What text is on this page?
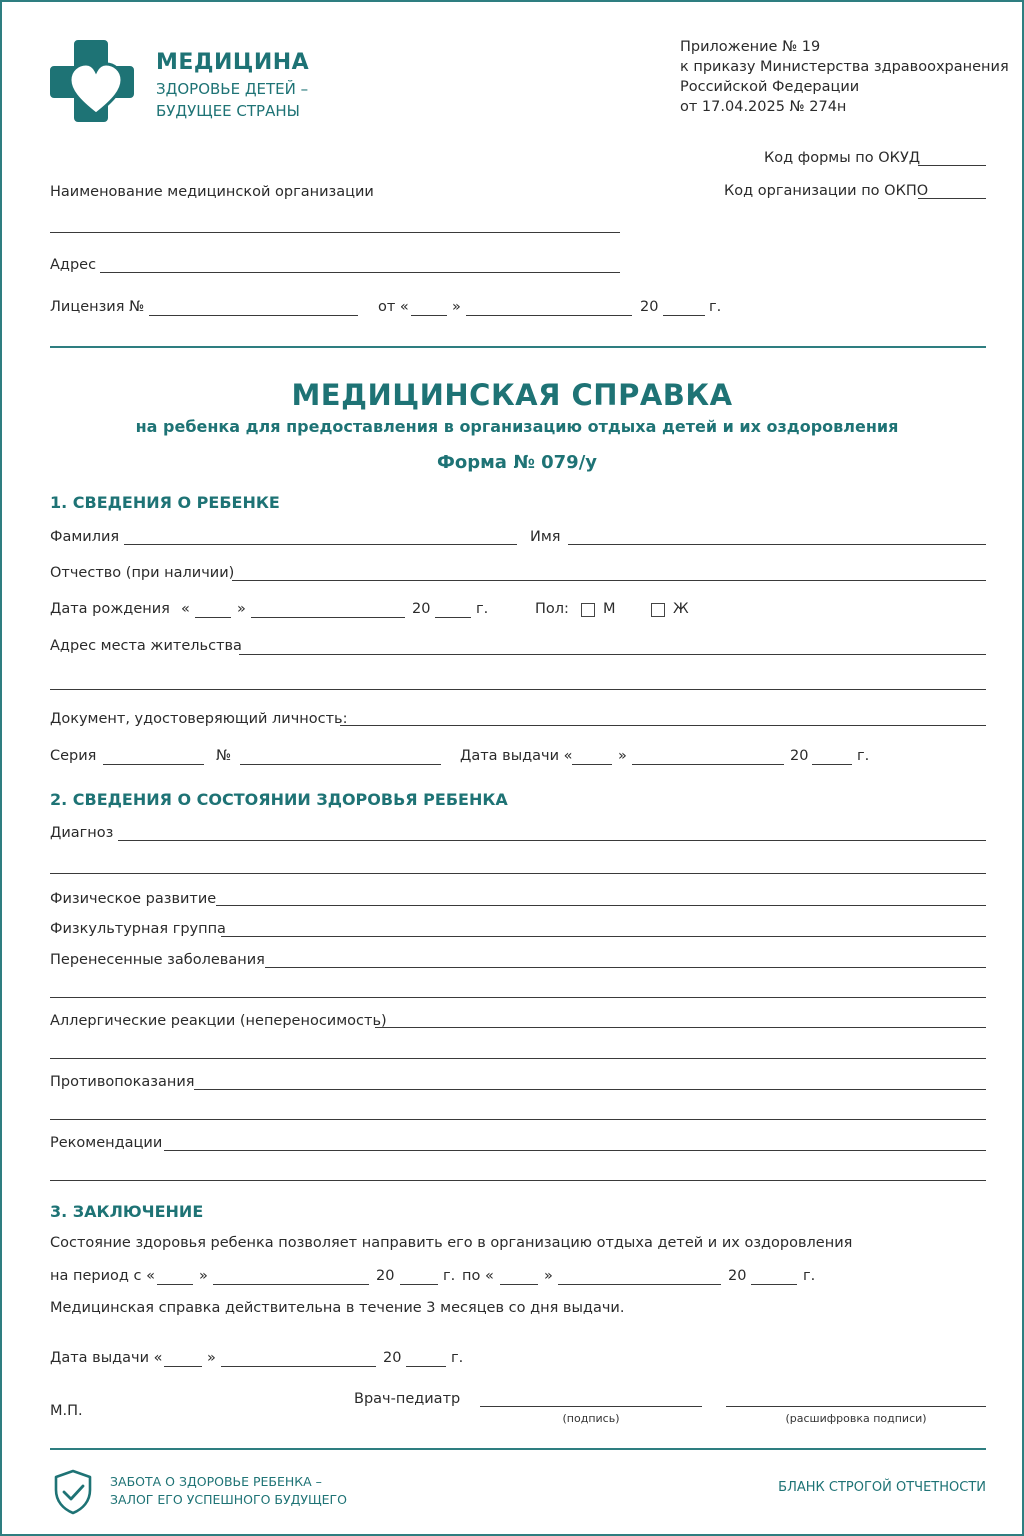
МЕДИЦИНА
ЗДОРОВЬЕ ДЕТЕЙ –
БУДУЩЕЕ СТРАНЫ
Приложение № 19
к приказу Министерства здравоохранения
Российской Федерации
от 17.04.2025 № 274н
Код формы по ОКУД
Код организации по ОКПО
Наименование медицинской организации
Адрес
Лицензия №	от «	»	20	г.
МЕДИЦИНСКАЯ СПРАВКА
на ребенка для предоставления в организацию отдыха детей и их оздоровления
Форма № 079/у
1. СВЕДЕНИЯ О РЕБЕНКЕ
Фамилия	Имя
Отчество (при наличии)
Дата рождения «	»	20	г.	Пол: М	Ж
Адрес места жительства
Документ, удостоверяющий личность:
Серия	№	Дата выдачи «	»	20	г.
2. СВЕДЕНИЯ О СОСТОЯНИИ ЗДОРОВЬЯ РЕБЕНКА
Диагноз
Физическое развитие
Физкультурная группа
Перенесенные заболевания
Аллергические реакции (непереносимость)
Противопоказания
Рекомендации
3. ЗАКЛЮЧЕНИЕ
Состояние здоровья ребенка позволяет направить его в организацию отдыха детей и их оздоровления
на период с «	»	20	г. по «	»	20	г.
Медицинская справка действительна в течение 3 месяцев со дня выдачи.
Дата выдачи «	»	20	г.
М.П.
Врач-педиатр
(подпись)	(расшифровка подписи)
ЗАБОТА О ЗДОРОВЬЕ РЕБЕНКА –
ЗАЛОГ ЕГО УСПЕШНОГО БУДУЩЕГО
БЛАНК СТРОГОЙ ОТЧЕТНОСТИ
